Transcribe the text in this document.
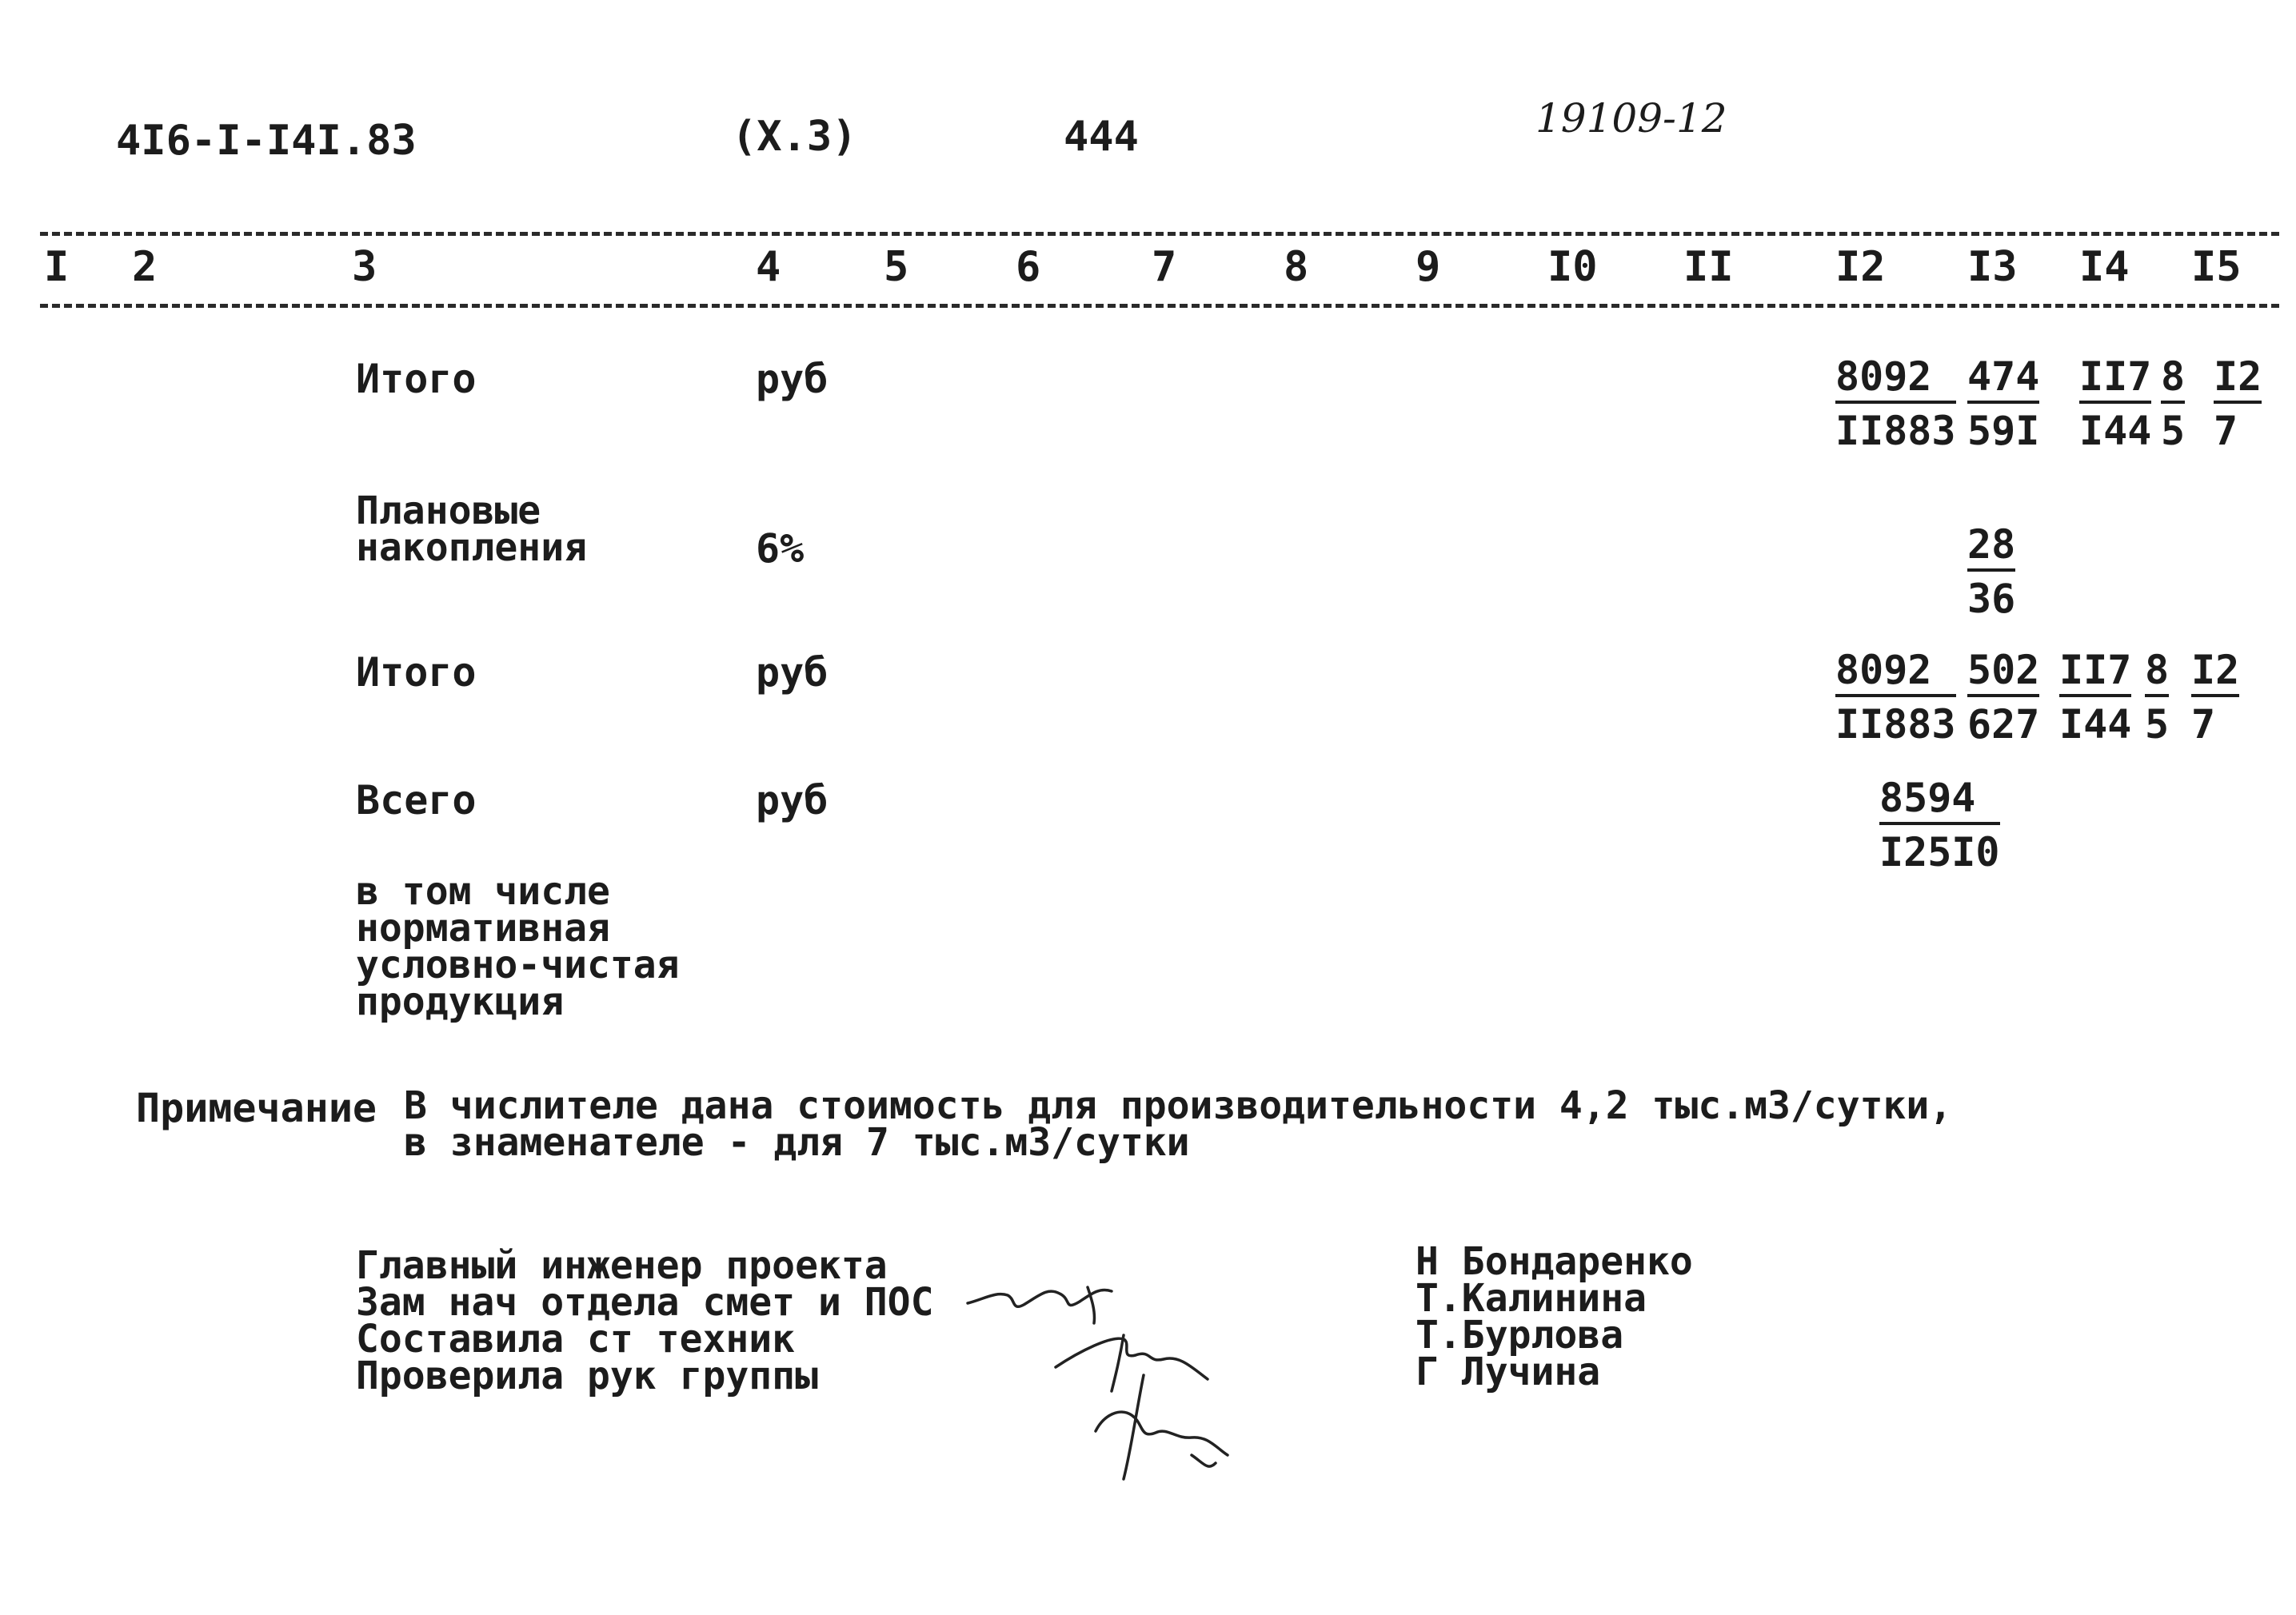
4I6-I-I4I.83	(X.3)	444	19109-12
I 2	3	4 5	6	7	8	9	I0 II I2 I3 I4 I5
Итого	руб	$\frac{8092}{II883} \frac{474}{59I} \frac{II7}{I44} \frac{8}{5} \frac{I2}{7}$
Плановые
накопления	6%	$\frac{28}{36}$
Итого	руб	$\frac{8092}{II883} \frac{502}{627} \frac{II7}{I44} \frac{8}{5} \frac{I2}{7}$
Всего	руб	$\frac{8594}{I25I0}$
в том числе
нормативная
условно-чистая
продукция
Примечание В числителе дана стоимость для производительности 4,2 тыс.м3/сутки,
в знаменателе - для 7 тыс.м3/сутки
Главный инженер проекта
Зам нач отдела смет и ПОС
Составила ст техник
Проверила рук группы
Н Бондаренко
Т.Калинина
Т.Бурлова
Г Лучина
